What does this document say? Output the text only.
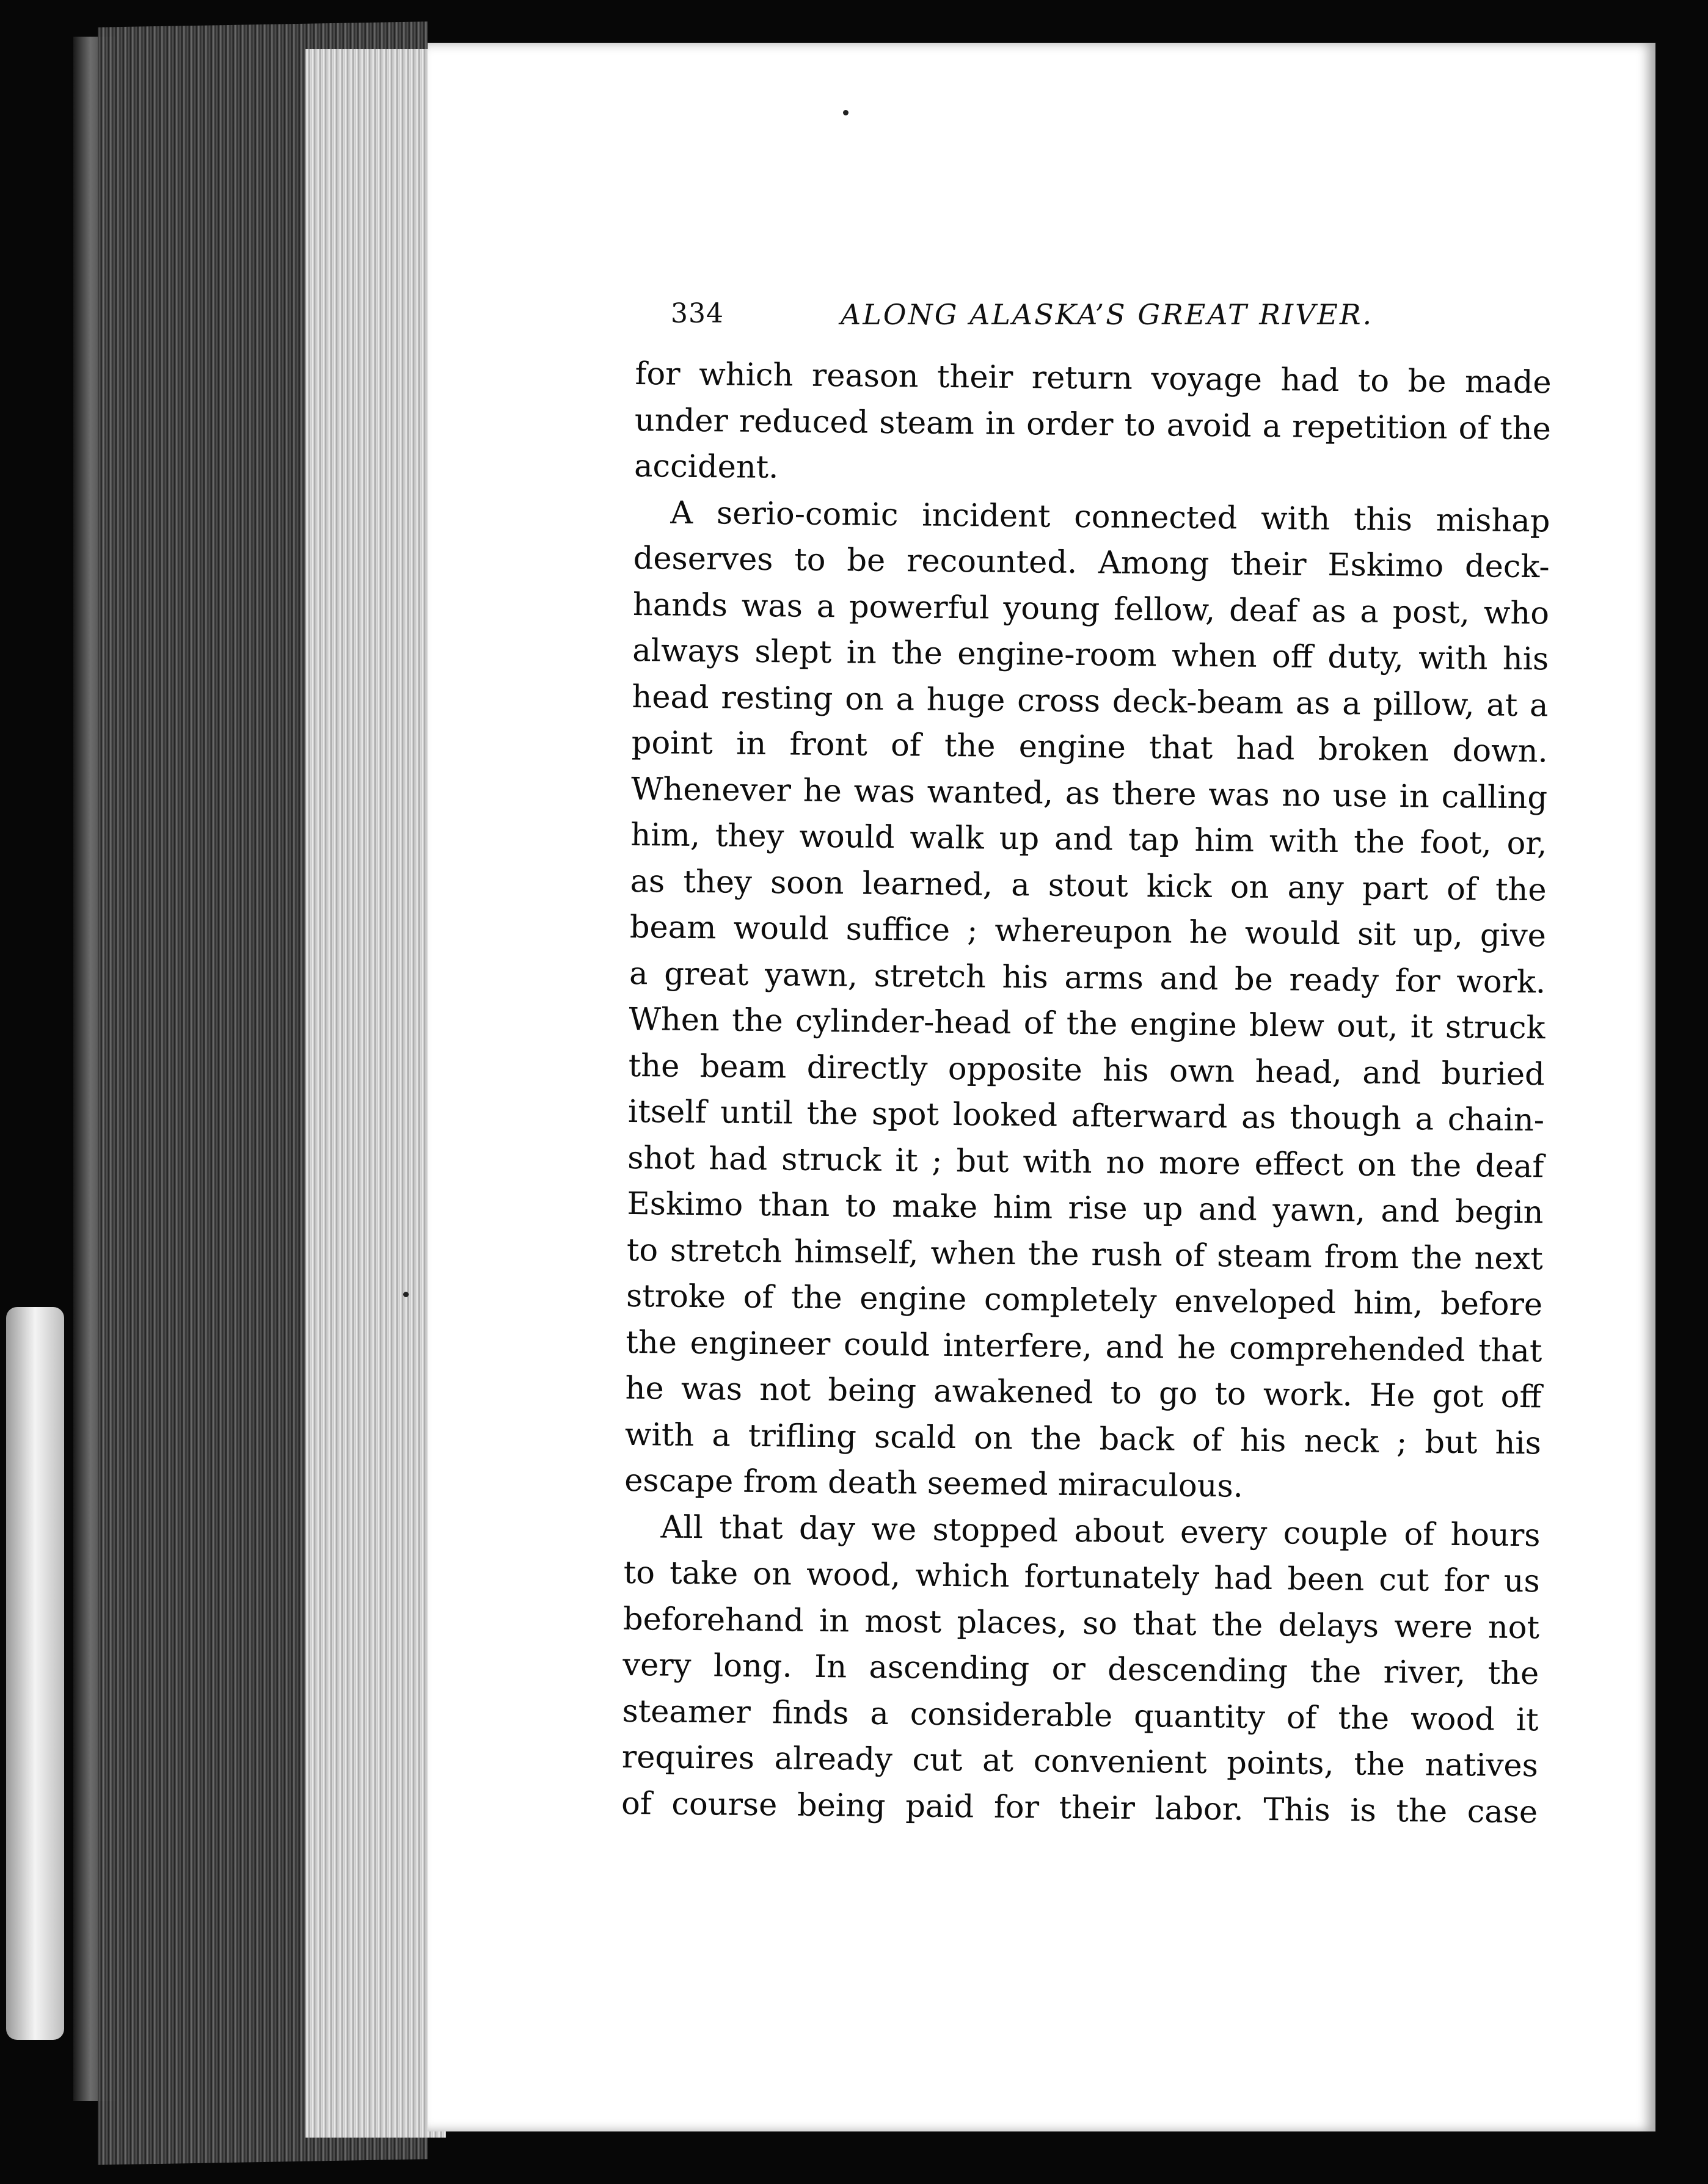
334	ALONG ALASKA’S GREAT RIVER.
for which reason their return voyage had to be made
under reduced steam in order to avoid a repetition of the
accident.
A serio-comic incident connected with this mishap
deserves to be recounted. Among their Eskimo deck-
hands was a powerful young fellow, deaf as a post, who
always slept in the engine-room when off duty, with his
head resting on a huge cross deck-beam as a pillow, at a
point in front of the engine that had broken down.
Whenever he was wanted, as there was no use in calling
him, they would walk up and tap him with the foot, or,
as they soon learned, a stout kick on any part of the
beam would suffice ; whereupon he would sit up, give
a great yawn, stretch his arms and be ready for work.
When the cylinder-head of the engine blew out, it struck
the beam directly opposite his own head, and buried
itself until the spot looked afterward as though a chain-
shot had struck it ; but with no more effect on the deaf
Eskimo than to make him rise up and yawn, and begin
to stretch himself, when the rush of steam from the next
stroke of the engine completely enveloped him, before
the engineer could interfere, and he comprehended that
he was not being awakened to go to work. He got off
with a trifling scald on the back of his neck ; but his
escape from death seemed miraculous.
All that day we stopped about every couple of hours
to take on wood, which fortunately had been cut for us
beforehand in most places, so that the delays were not
very long. In ascending or descending the river, the
steamer finds a considerable quantity of the wood it
requires already cut at convenient points, the natives
of course being paid for their labor. This is the case
